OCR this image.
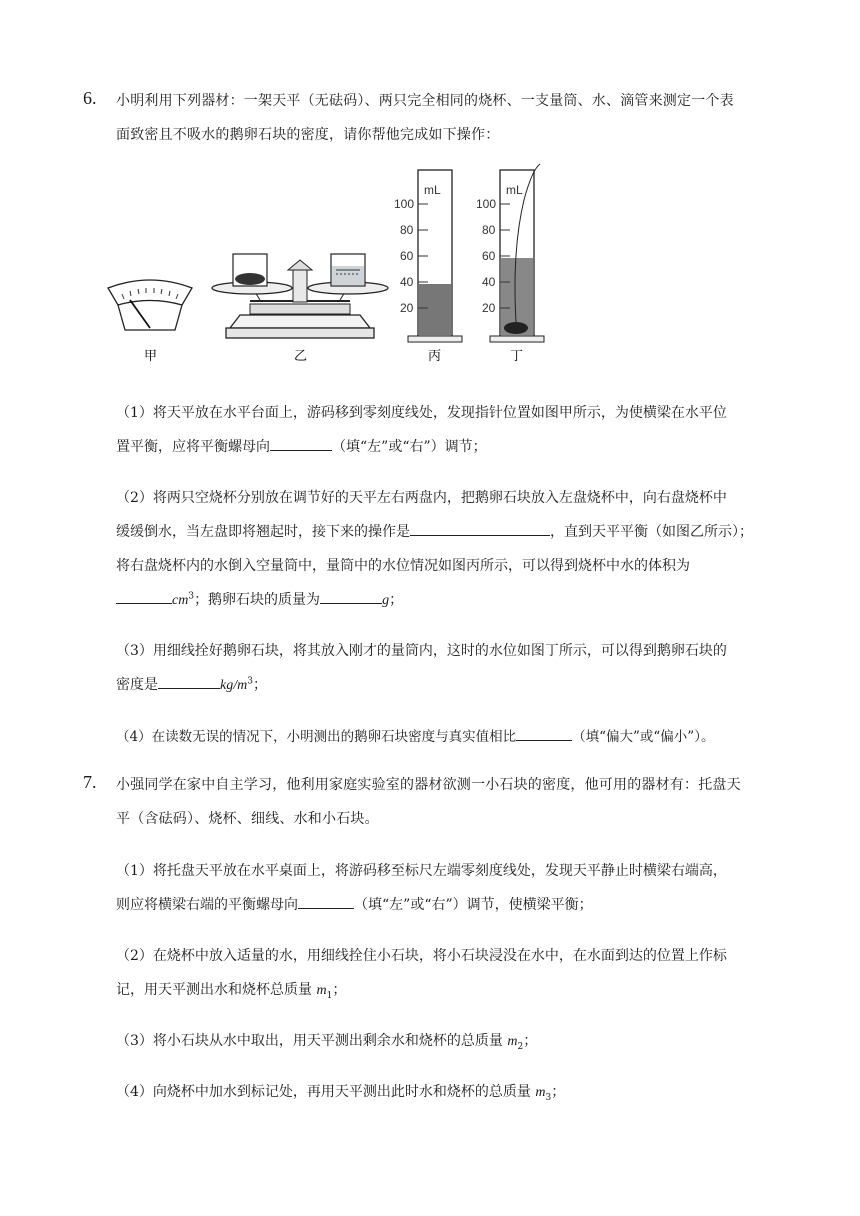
6. 小明利用下列器材：一架天平（无砝码）、两只完全相同的烧杯、一支量筒、水、滴管来测定一个表
面致密且不吸水的鹅卵石块的密度，请你帮他完成如下操作：
mL
100
80
60
40
20
mL
100
80
60
40
20
甲	乙	丙	丁
（1）将天平放在水平台面上，游码移到零刻度线处，发现指针位置如图甲所示，为使横梁在水平位
置平衡，应将平衡螺母向	（填“左”或“右”）调节；
（2）将两只空烧杯分别放在调节好的天平左右两盘内，把鹅卵石块放入左盘烧杯中，向右盘烧杯中
缓缓倒水，当左盘即将翘起时，接下来的操作是	，直到天平平衡（如图乙所示）；
将右盘烧杯内的水倒入空量筒中，量筒中的水位情况如图丙所示，可以得到烧杯中水的体积为
$cm^3$；鹅卵石块的质量为	g；
（3）用细线拴好鹅卵石块，将其放入刚才的量筒内，这时的水位如图丁所示，可以得到鹅卵石块的
密度是	$kg/m^3$；
（4）在读数无误的情况下，小明测出的鹅卵石块密度与真实值相比	（填“偏大”或“偏小”）。
7. 小强同学在家中自主学习，他利用家庭实验室的器材欲测一小石块的密度，他可用的器材有：托盘天
平（含砝码）、烧杯、细线、水和小石块。
（1）将托盘天平放在水平桌面上，将游码移至标尺左端零刻度线处，发现天平静止时横梁右端高，
则应将横梁右端的平衡螺母向	（填“左”或“右”）调节，使横梁平衡；
（2）在烧杯中放入适量的水，用细线拴住小石块，将小石块浸没在水中，在水面到达的位置上作标
记，用天平测出水和烧杯总质量 $m_1$；
（3）将小石块从水中取出，用天平测出剩余水和烧杯的总质量 $m_2$；
（4）向烧杯中加水到标记处，再用天平测出此时水和烧杯的总质量 $m_3$；
